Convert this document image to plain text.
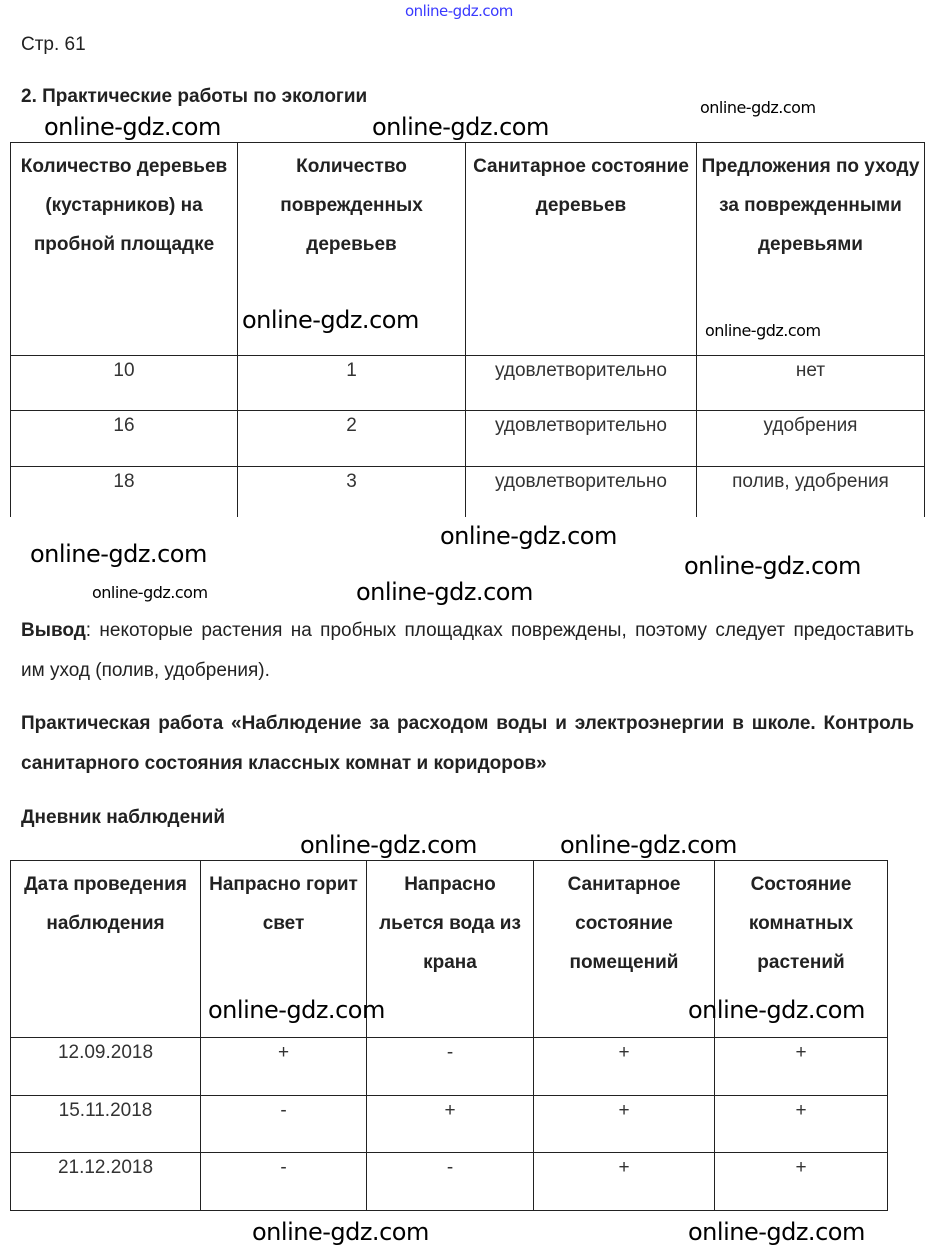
online-gdz.com
Стр. 61
2. Практические работы по экологии
Количество деревьев (кустарников) на пробной площадке	Количество поврежденных деревьев	Санитарное состояние деревьев	Предложения по уходу за поврежденными деревьями
10	1	удовлетворительно	нет
16	2	удовлетворительно	удобрения
18	3	удовлетворительно	полив, удобрения
Вывод: некоторые растения на пробных площадках повреждены, поэтому следует предоставить им уход (полив, удобрения).
Практическая работа «Наблюдение за расходом воды и электроэнергии в школе. Контроль санитарного состояния классных комнат и коридоров»
Дневник наблюдений
Дата проведения наблюдения	Напрасно горит свет	Напрасно льется вода из крана	Санитарное состояние помещений	Состояние комнатных растений
12.09.2018	+	-	+	+
15.11.2018	-	+	+	+
21.12.2018	-	-	+	+
online-gdz.com	online-gdz.com
online-gdz.com
online-gdz.com
online-gdz.com
online-gdz.com
online-gdz.com	online-gdz.com
online-gdz.com
online-gdz.com
online-gdz.com	online-gdz.com
online-gdz.com	online-gdz.com
online-gdz.com	online-gdz.com
